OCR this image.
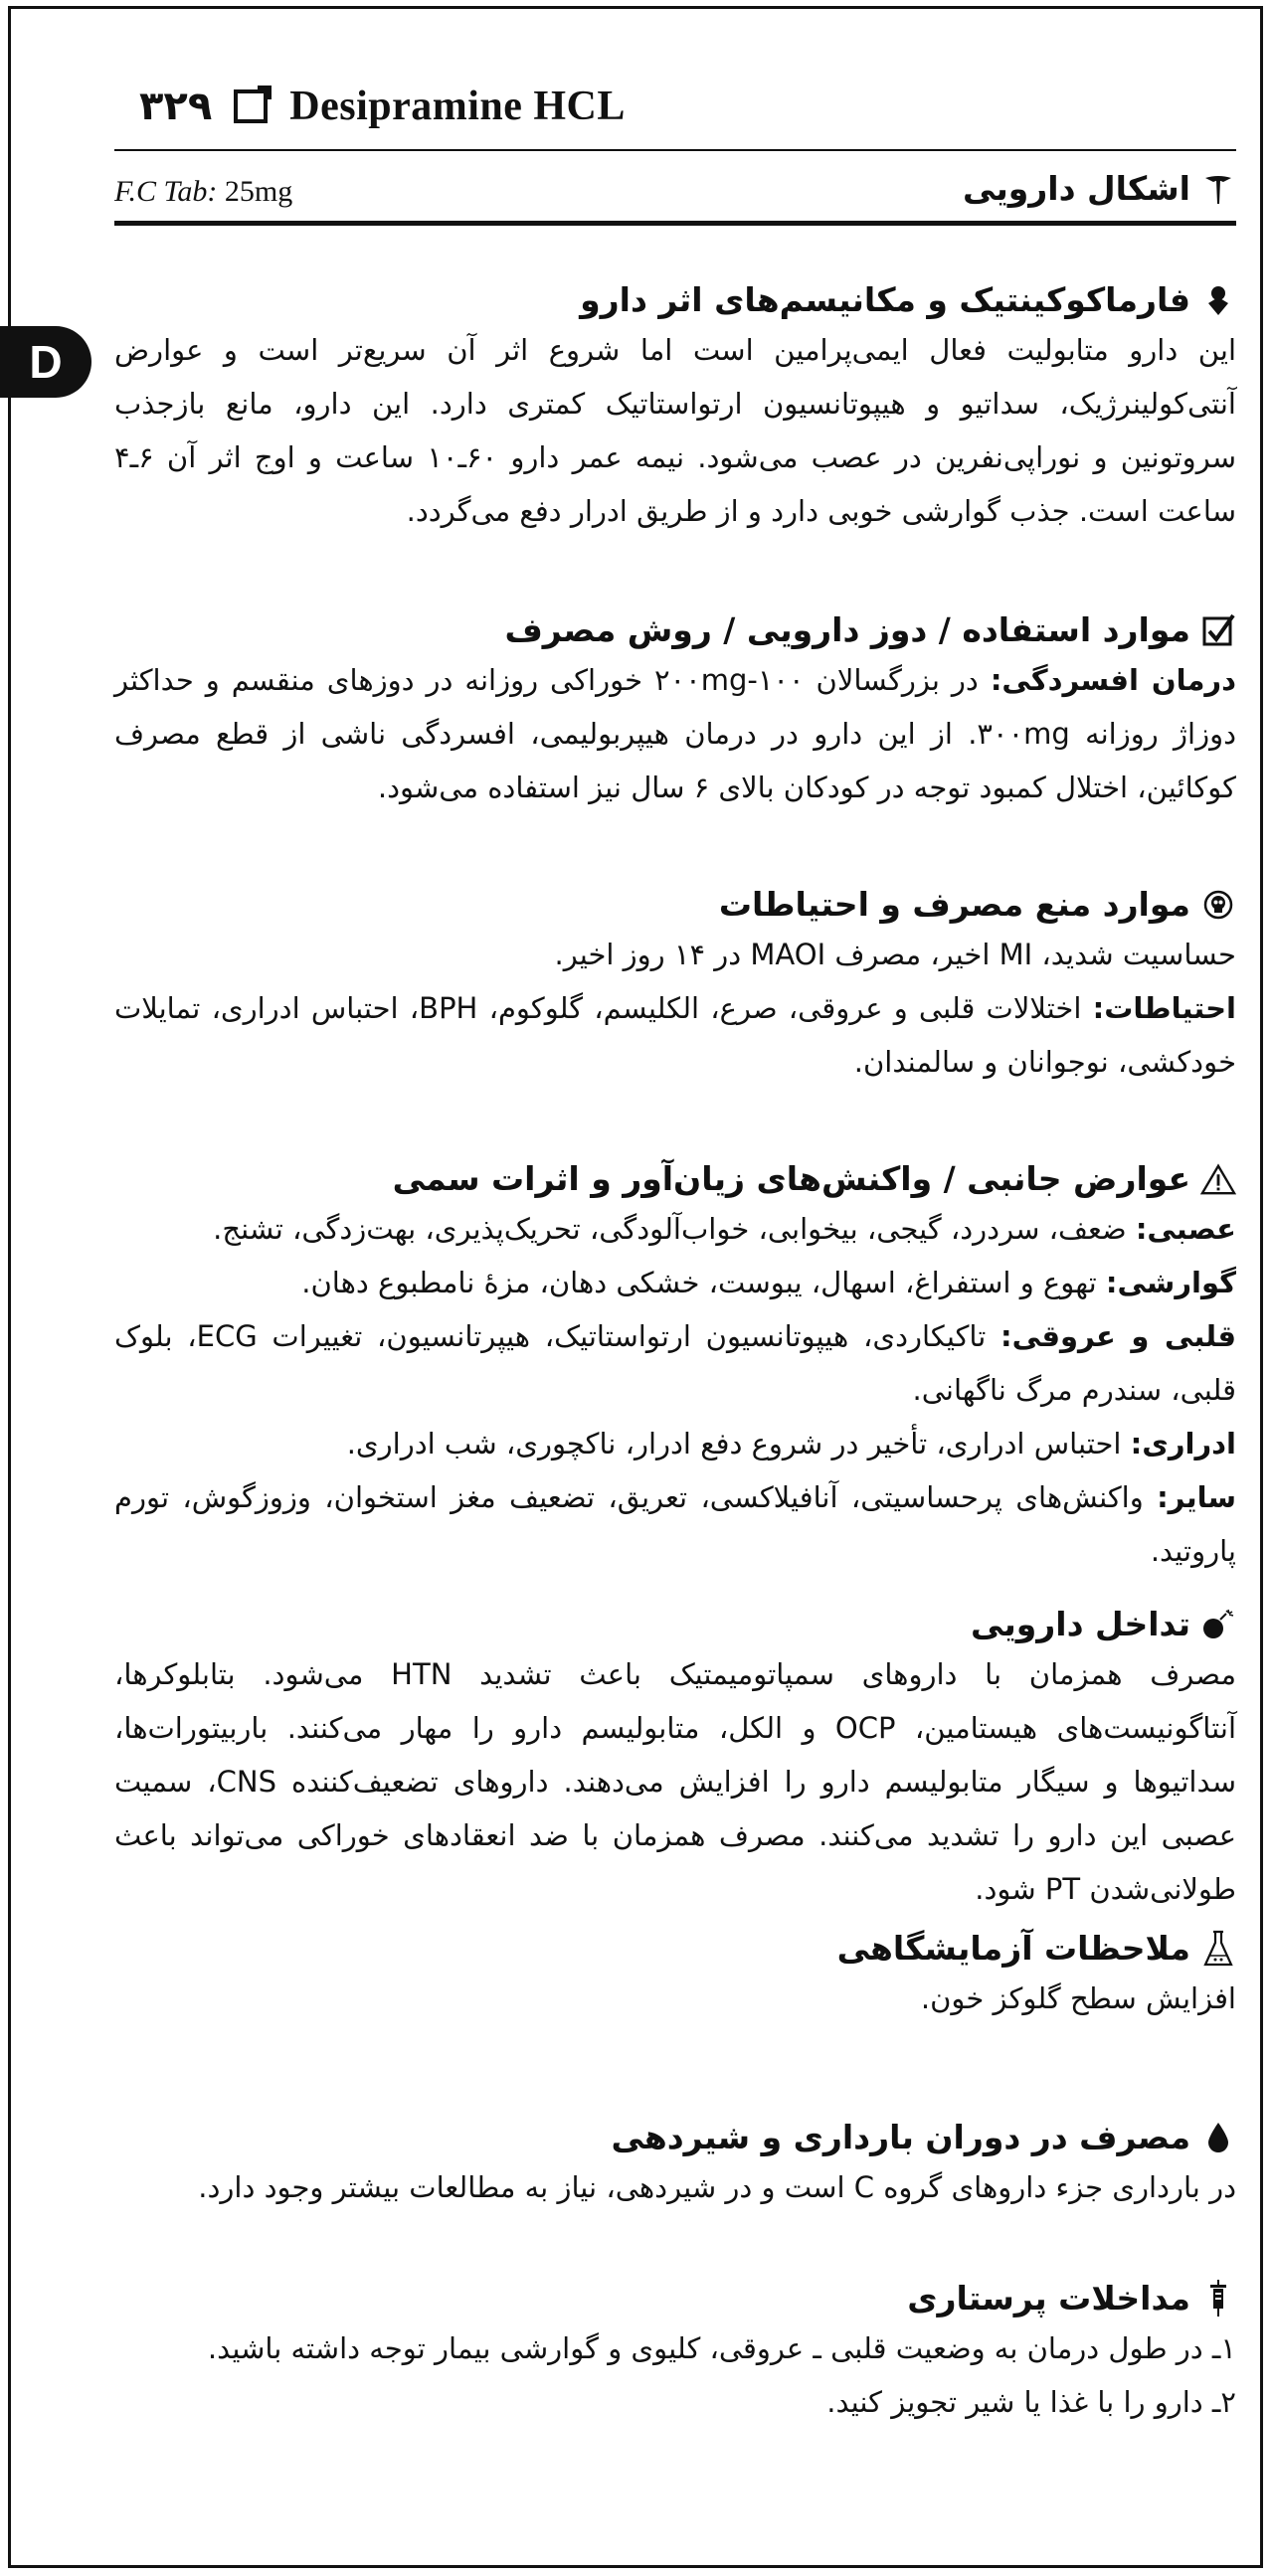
۳۲۹ Desipramine HCL
F.C Tab: 25mg	اشکال دارویی
D
فارماکوکینتیک و مکانیسم‌های اثر دارو
این دارو متابولیت فعال ایمی‌پرامین است اما شروع اثر آن سریع‌تر است و عوارض آنتی‌کولینرژیک، سداتیو و هیپوتانسیون ارتواستاتیک کمتری دارد. این دارو، مانع بازجذب سروتونین و نوراپی‌نفرین در عصب می‌شود. نیمه عمر دارو ۶۰ـ۱۰ ساعت و اوج اثر آن ۶ـ۴ ساعت است. جذب گوارشی خوبی دارد و از طریق ادرار دفع می‌گردد.
موارد استفاده / دوز دارویی / روش مصرف
درمان افسردگی: در بزرگسالان ۲۰۰mg-۱۰۰ خوراکی روزانه در دوزهای منقسم و حداکثر دوزاژ روزانه ۳۰۰mg. از این دارو در درمان هیپربولیمی، افسردگی ناشی از قطع مصرف کوکائین، اختلال کمبود توجه در کودکان بالای ۶ سال نیز استفاده می‌شود.
موارد منع مصرف و احتیاطات
حساسیت شدید، MI اخیر، مصرف MAOI در ۱۴ روز اخیر.
احتیاطات: اختلالات قلبی و عروقی، صرع، الکلیسم، گلوکوم، BPH، احتباس ادراری، تمایلات خودکشی، نوجوانان و سالمندان.
عوارض جانبی / واکنش‌های زیان‌آور و اثرات سمی
عصبی: ضعف، سردرد، گیجی، بیخوابی، خواب‌آلودگی، تحریک‌پذیری، بهت‌زدگی، تشنج.
گوارشی: تهوع و استفراغ، اسهال، یبوست، خشکی دهان، مزهٔ نامطبوع دهان.
قلبی و عروقی: تاکیکاردی، هیپوتانسیون ارتواستاتیک، هیپرتانسیون، تغییرات ECG، بلوک قلبی، سندرم مرگ ناگهانی.
ادراری: احتباس ادراری، تأخیر در شروع دفع ادرار، ناکچوری، شب ادراری.
سایر: واکنش‌های پرحساسیتی، آنافیلاکسی، تعریق، تضعیف مغز استخوان، وزوزگوش، تورم پاروتید.
تداخل دارویی
مصرف همزمان با داروهای سمپاتومیمتیک باعث تشدید HTN می‌شود. بتابلوکرها، آنتاگونیست‌های هیستامین، OCP و الکل، متابولیسم دارو را مهار می‌کنند. باربیتورات‌ها، سداتیوها و سیگار متابولیسم دارو را افزایش می‌دهند. داروهای تضعیف‌کننده CNS، سمیت عصبی این دارو را تشدید می‌کنند. مصرف همزمان با ضد انعقادهای خوراکی می‌تواند باعث طولانی‌شدن PT شود.
ملاحظات آزمایشگاهی
افزایش سطح گلوکز خون.
مصرف در دوران بارداری و شیردهی
در بارداری جزء داروهای گروه C است و در شیردهی، نیاز به مطالعات بیشتر وجود دارد.
مداخلات پرستاری
۱ـ در طول درمان به وضعیت قلبی ـ عروقی، کلیوی و گوارشی بیمار توجه داشته باشید.
۲ـ دارو را با غذا یا شیر تجویز کنید.
